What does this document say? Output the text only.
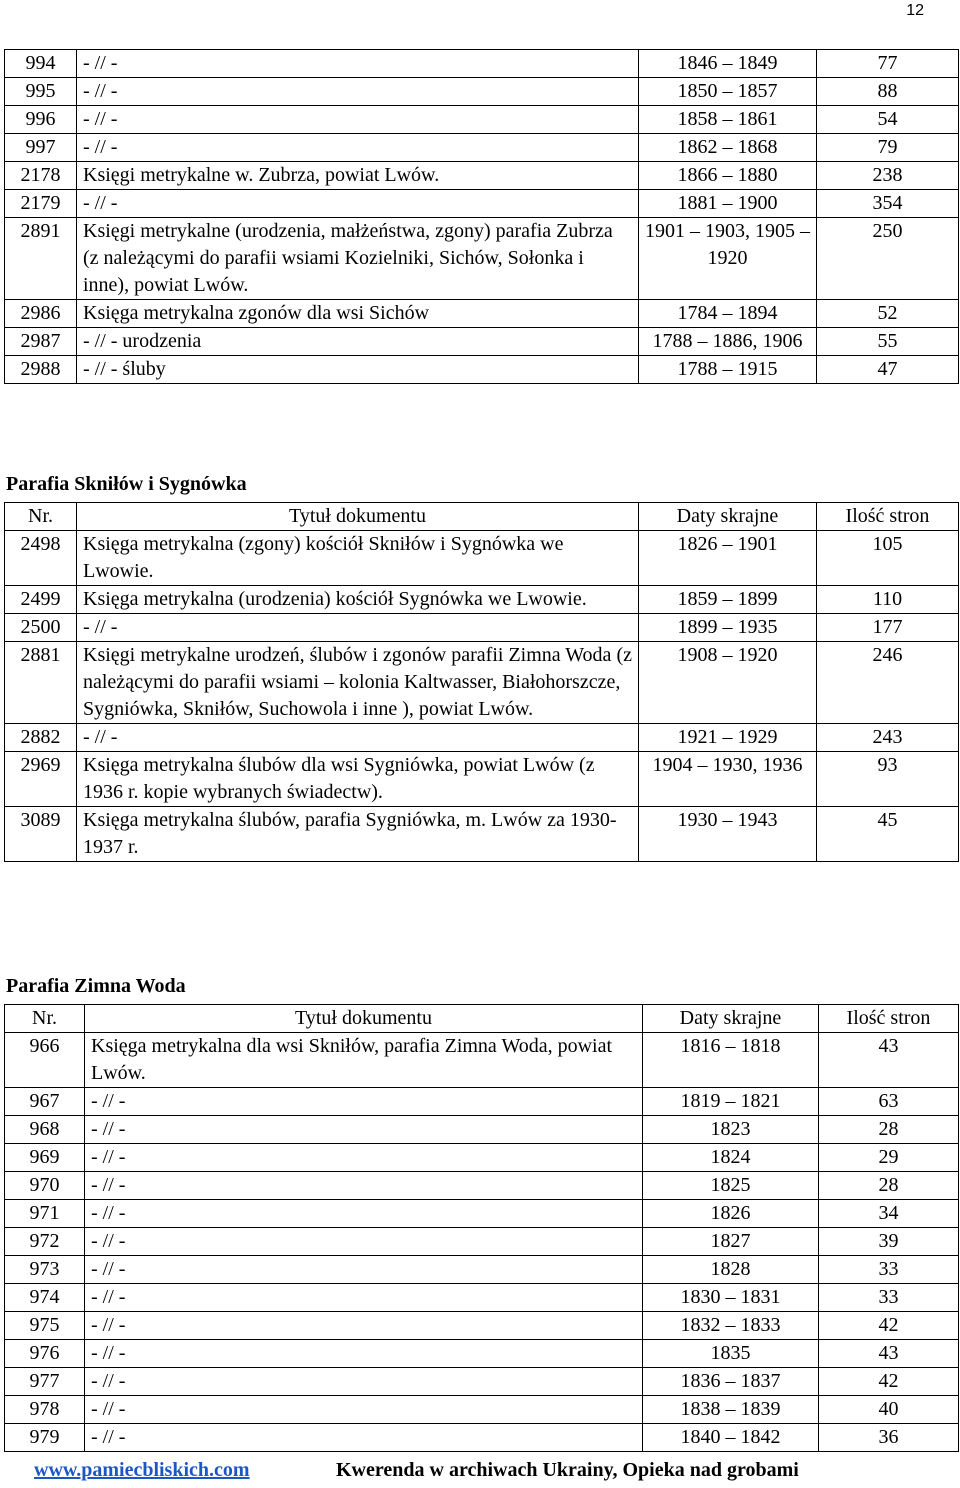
12
994	- // -	1846 – 1849	77
995	- // -	1850 – 1857	88
996	- // -	1858 – 1861	54
997	- // -	1862 – 1868	79
2178	Księgi metrykalne w. Zubrza, powiat Lwów.	1866 – 1880	238
2179	- // -	1881 – 1900	354
2891	Księgi metrykalne (urodzenia, małżeństwa, zgony) parafia Zubrza (z należącymi do parafii wsiami Kozielniki, Sichów, Sołonka i inne), powiat Lwów.	1901 – 1903, 1905 – 1920	250
2986	Księga metrykalna zgonów dla wsi Sichów	1784 – 1894	52
2987	- // - urodzenia	1788 – 1886, 1906	55
2988	- // - śluby	1788 – 1915	47
Parafia Skniłów i Sygnówka
Nr.	Tytuł dokumentu	Daty skrajne	Ilość stron
2498	Księga metrykalna (zgony) kościół Skniłów i Sygnówka we Lwowie.	1826 – 1901	105
2499	Księga metrykalna (urodzenia) kościół Sygnówka we Lwowie.	1859 – 1899	110
2500	- // -	1899 – 1935	177
2881	Księgi metrykalne urodzeń, ślubów i zgonów parafii Zimna Woda (z należącymi do parafii wsiami – kolonia Kaltwasser, Białohorszcze, Sygniówka, Skniłów, Suchowola i inne ), powiat Lwów.	1908 – 1920	246
2882	- // -	1921 – 1929	243
2969	Księga metrykalna ślubów dla wsi Sygniówka, powiat Lwów (z 1936 r. kopie wybranych świadectw).	1904 – 1930, 1936	93
3089	Księga metrykalna ślubów, parafia Sygniówka, m. Lwów za 1930-1937 r.	1930 – 1943	45
Parafia Zimna Woda
Nr.	Tytuł dokumentu	Daty skrajne	Ilość stron
966	Księga metrykalna dla wsi Skniłów, parafia Zimna Woda, powiat Lwów.	1816 – 1818	43
967	- // -	1819 – 1821	63
968	- // -	1823	28
969	- // -	1824	29
970	- // -	1825	28
971	- // -	1826	34
972	- // -	1827	39
973	- // -	1828	33
974	- // -	1830 – 1831	33
975	- // -	1832 – 1833	42
976	- // -	1835	43
977	- // -	1836 – 1837	42
978	- // -	1838 – 1839	40
979	- // -	1840 – 1842	36
www.pamiecbliskich.com	Kwerenda w archiwach Ukrainy, Opieka nad grobami
